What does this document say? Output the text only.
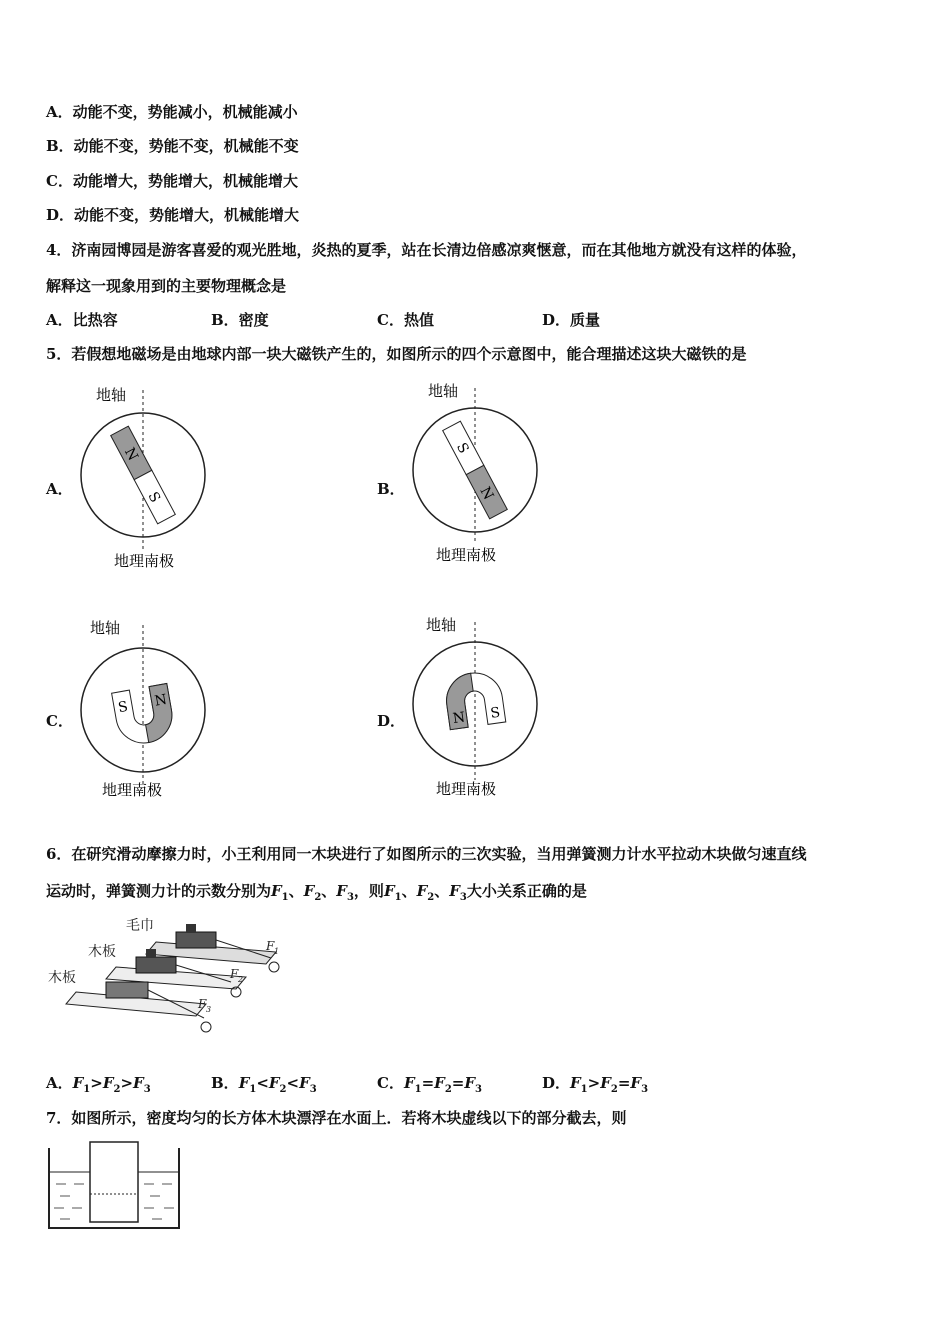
A．动能不变，势能减小，机械能减小
B．动能不变，势能不变，机械能不变
C．动能增大，势能增大，机械能增大
D．动能不变，势能增大，机械能增大
4．济南园博园是游客喜爱的观光胜地，炎热的夏季，站在长清边倍感凉爽惬意，而在其他地方就没有这样的体验，
解释这一现象用到的主要物理概念是
A．比热容	B．密度	C．热值	D．质量
5．若假想地磁场是由地球内部一块大磁铁产生的，如图所示的四个示意图中，能合理描述这块大磁铁的是
A．
地轴
N
S
地理南极
B．
地轴
S
N
地理南极
C．
地轴
S N
地理南极
D．
地轴
N S
地理南极
6．在研究滑动摩擦力时，小王利用同一木块进行了如图所示的三次实验，当用弹簧测力计水平拉动木块做匀速直线
运动时，弹簧测力计的示数分别为$F_1$、$F_2$、$F_3$，则$F_1$、$F_2$、$F_3$大小关系正确的是
毛巾
木板
木板
F 1
F 2
F 3
A．$F_1>F_2>F_3$	B．$F_1<F_2<F_3$	C．$F_1=F_2=F_3$	D．$F_1>F_2=F_3$
7．如图所示，密度均匀的长方体木块漂浮在水面上．若将木块虚线以下的部分截去，则
